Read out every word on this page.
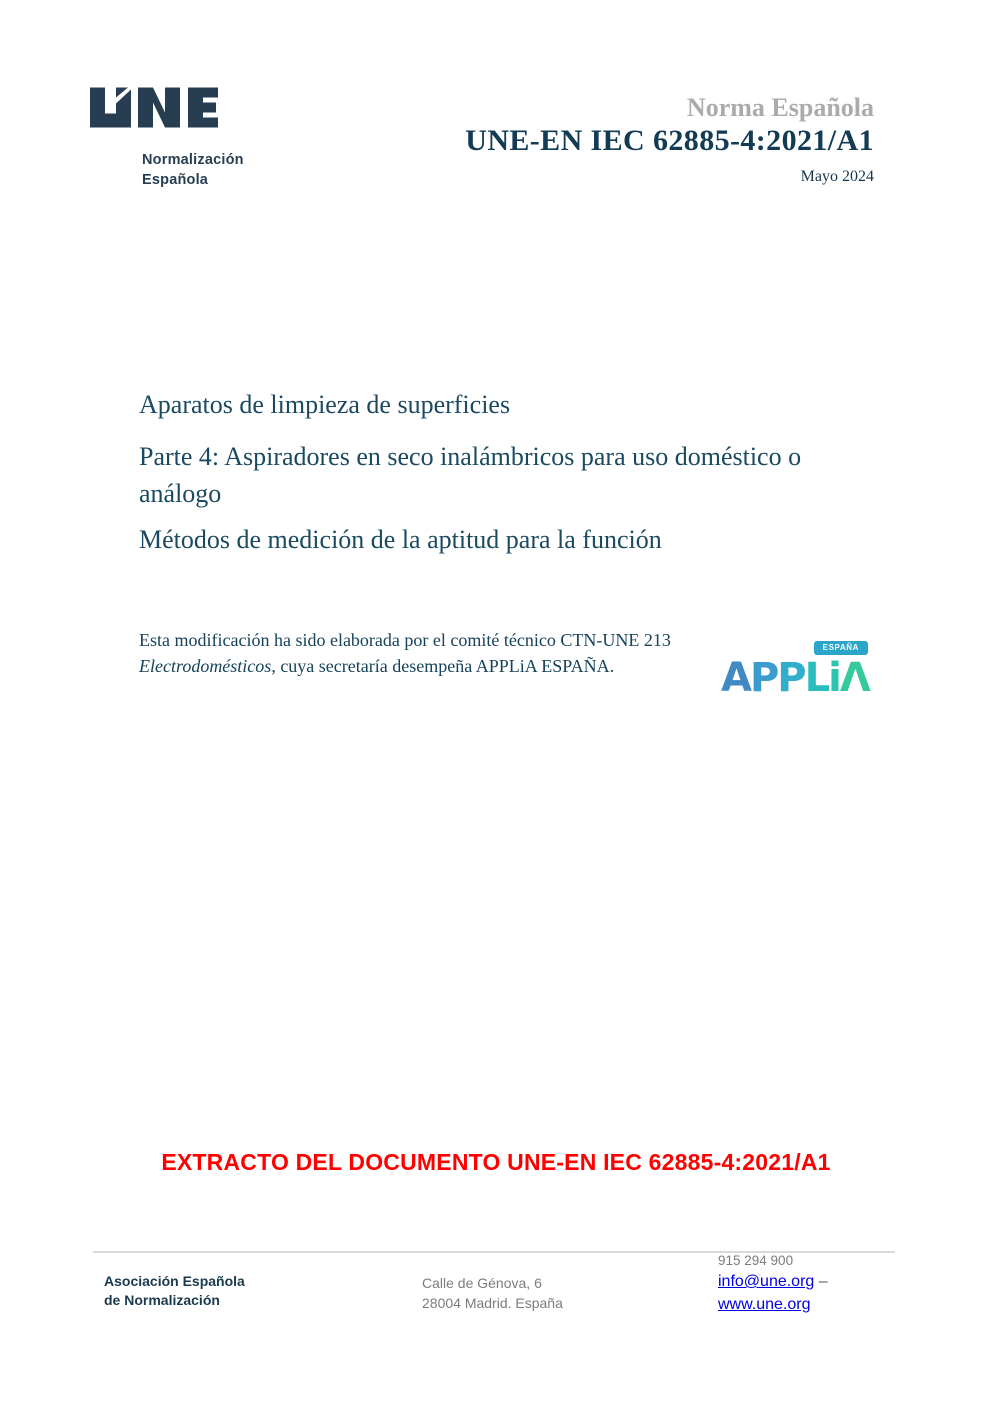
Normalización
Española
Norma Española
UNE-EN IEC 62885-4:2021/A1
Mayo 2024

Aparatos de limpieza de superficies

Parte 4: Aspiradores en seco inalámbricos para uso doméstico o análogo

Métodos de medición de la aptitud para la función

Esta modificación ha sido elaborada por el comité técnico CTN-UNE 213 Electrodomésticos, cuya secretaría desempeña APPLiA ESPAÑA.
ESPAÑA
APPLiΛ
EXTRACTO DEL DOCUMENTO UNE-EN IEC 62885-4:2021/A1
Asociación Española
de Normalización
Calle de Génova, 6
28004 Madrid. España
915 294 900
info@une.org –
www.une.org
